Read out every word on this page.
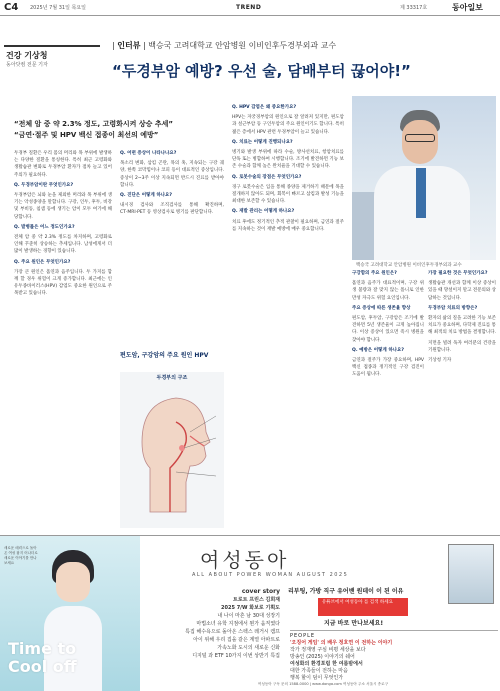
C4 2025년 7월 31일 목요일	TREND	제 33317호	동아일보
건강 기상청
동아닷컴 전문 기자
| 인터뷰 | 백승국 고려대학교 안암병원 이비인후두경부외과 교수
“두경부암 예방? 우선 술, 담배부터 끊어야!”
“전체 암 중 약 2.3% 정도, 고령화시켜 상승 추세”
“금연·절주 및 HPV 백신 접종이 최선의 예방”
백승국 고려대학교 안암병원 이비인후두경부외과 교수

두경부 질환은 우리 몸의 머리와 목 부위에 발생하는 다양한 질환을 통칭한다. 특히 최근 고령화와 생활습관 변화로 두경부암 환자가 점차 늘고 있어 주의가 필요하다.

Q. 두경부암이란 무엇인가요?

두경부암은 뇌와 눈을 제외한 머리와 목 부위에 생기는 악성종양을 말합니다. 구강, 인두, 후두, 비강 및 부비동, 침샘 등에 생기는 암이 모두 여기에 해당합니다.

Q. 발병률은 어느 정도인가요?

전체 암 중 약 2.3% 정도를 차지하며, 고령화로 인해 꾸준히 상승하는 추세입니다. 남성에게서 더 많이 발생하는 경향이 있습니다.

Q. 주요 원인은 무엇인가요?

가장 큰 원인은 흡연과 음주입니다. 두 가지를 함께 할 경우 위험이 크게 증가합니다. 최근에는 인유두종바이러스(HPV) 감염도 중요한 원인으로 주목받고 있습니다.

Q. 어떤 증상이 나타나나요?

목소리 변화, 삼킴 곤란, 목의 혹, 지속되는 구강 궤양, 한쪽 코막힘이나 코피 등이 대표적인 증상입니다. 증상이 2~3주 이상 지속되면 반드시 진료를 받아야 합니다.

Q. 진단은 어떻게 하나요?

내시경 검사와 조직검사를 통해 확진하며, CT·MRI·PET 등 영상검사로 병기를 판단합니다.

편도암, 구강암의 주요 원인 HPV
두경부의 구조

Q. HPV 감염은 왜 중요한가요?

HPV는 자궁경부암의 원인으로 잘 알려져 있지만, 편도암과 설근부암 등 구인두암의 주요 원인이기도 합니다. 특히 젊은 층에서 HPV 관련 두경부암이 늘고 있습니다.

Q. 치료는 어떻게 진행되나요?

병기와 발생 부위에 따라 수술, 방사선치료, 항암치료를 단독 또는 병합하여 시행합니다. 조기에 발견하면 기능 보존 수술과 함께 높은 완치율을 기대할 수 있습니다.

Q. 로봇수술의 장점은 무엇인가요?

경구 로봇수술은 입을 통해 종양을 제거하기 때문에 목을 절개하지 않아도 되며, 회복이 빠르고 삼킴과 발성 기능을 최대한 보존할 수 있습니다.

Q. 재발 관리는 어떻게 하나요?

치료 후에도 정기적인 추적 관찰이 필요하며, 금연과 절주를 지속하는 것이 재발 예방에 매우 중요합니다.

구강함의 주요 원인은?

흡연과 음주가 대표적이며, 구강 위생 불량과 잘 맞지 않는 틀니로 인한 만성 자극도 위험 요인입니다.

주요 증상에 따른 생존율 향상

편도암, 후두암, 구강암은 조기에 발견하면 5년 생존율이 크게 높아집니다. 이상 증상이 있으면 즉시 병원을 찾아야 합니다.

Q. 예방은 어떻게 하나요?

금연과 절주가 가장 중요하며, HPV 백신 접종과 정기적인 구강 검진이 도움이 됩니다.

가장 필요한 것은 무엇인가요?

생활습관 개선과 함께 이상 증상이 있을 때 망설이지 말고 전문의와 상담하는 것입니다.

두경부암 치료의 방향은?

환자의 삶의 질을 고려한 기능 보존 치료가 중요하며, 다학제 진료를 통해 최적의 치료 방법을 결정합니다.

지면을 빌려 독자 여러분의 건강을 기원합니다.

기상청 기자

새로운 매력으로 돌아온 여성 잡지 어나더로 새로운 이야기를 만나보세요
Time to
Cool off
여성동아
ALL ABOUT POWER WOMAN AUGUST 2025
cover story
트로트 프린스 김희재
2025 7/W 화보로 기획도
내 나이 마흔 남 30대 성장기
마법소녀 유학 지점에서 뭔가 움직였다
특집 해수욕으로 돌아온 스펙스 레거시 캠프
아이 위해 우리 집을 같은 계열 아파트로
가속노화 도시의 새로운 신화
디지털 과 ETF 10가지 이번 상반기 특집
리부팅, 가방 직구 유어밴 원데이 이 된 이유
유튜브에서 여성동아 를 검색 하세요
지금 바로 만나보세요!
PEOPLE
'오징어 게임' 의 배우 정호연 이 전하는 이야기
작가 정재영 구심 비평 세상을 보다
방송인 (2025) 이야기의 쉐어
여성화의 환경포럼 한 여름밤에서
대한 가족들이 전하는 마음
행복 할이 덤이 무엇인가
여성동아 구독 문의 1588-0000 | www.donga.com 여성동아 주소 서울시 종로구
